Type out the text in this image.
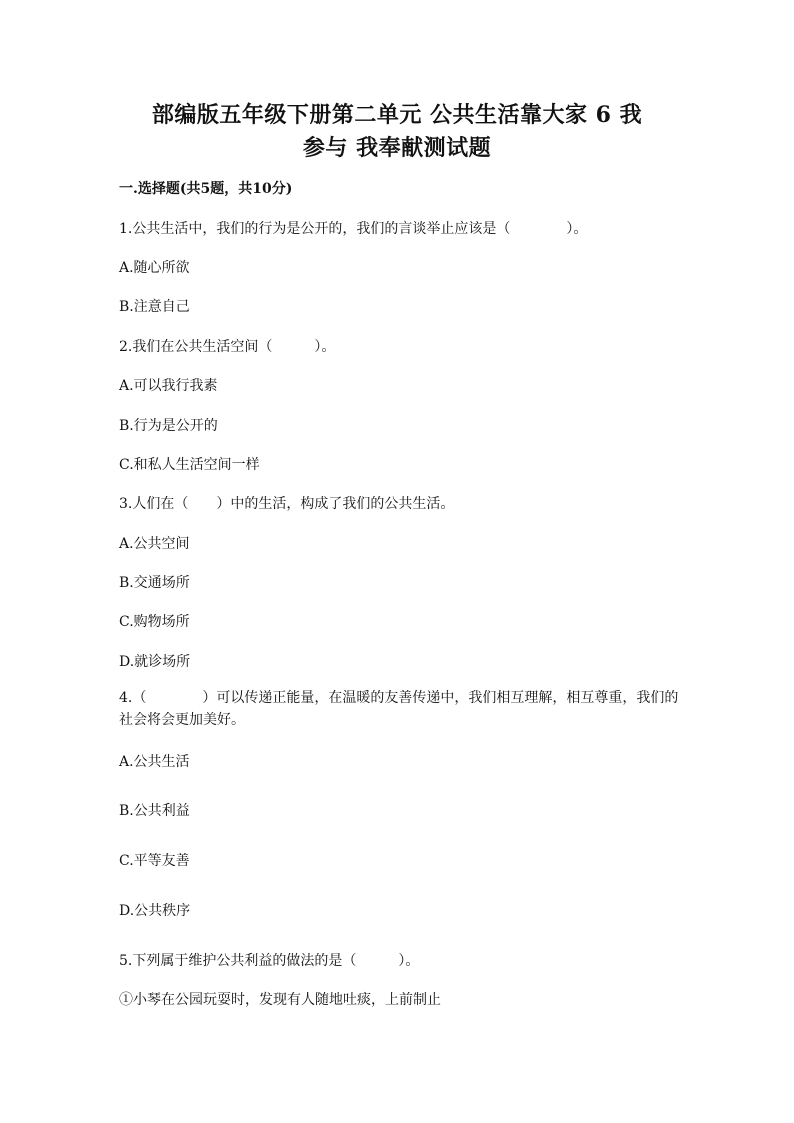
部编版五年级下册第二单元 公共生活靠大家 6 我
参与 我奉献测试题
一.选择题(共5题，共10分)
1.公共生活中，我们的行为是公开的，我们的言谈举止应该是（　　　　）。
A.随心所欲
B.注意自己
2.我们在公共生活空间（　　　）。
A.可以我行我素
B.行为是公开的
C.和私人生活空间一样
3.人们在（　　）中的生活，构成了我们的公共生活。
A.公共空间
B.交通场所
C.购物场所
D.就诊场所
4.（　　　　）可以传递正能量，在温暖的友善传递中，我们相互理解，相互尊重，我们的社会将会更加美好。
A.公共生活
B.公共利益
C.平等友善
D.公共秩序
5.下列属于维护公共利益的做法的是（　　　）。
①小琴在公园玩耍时，发现有人随地吐痰，上前制止
